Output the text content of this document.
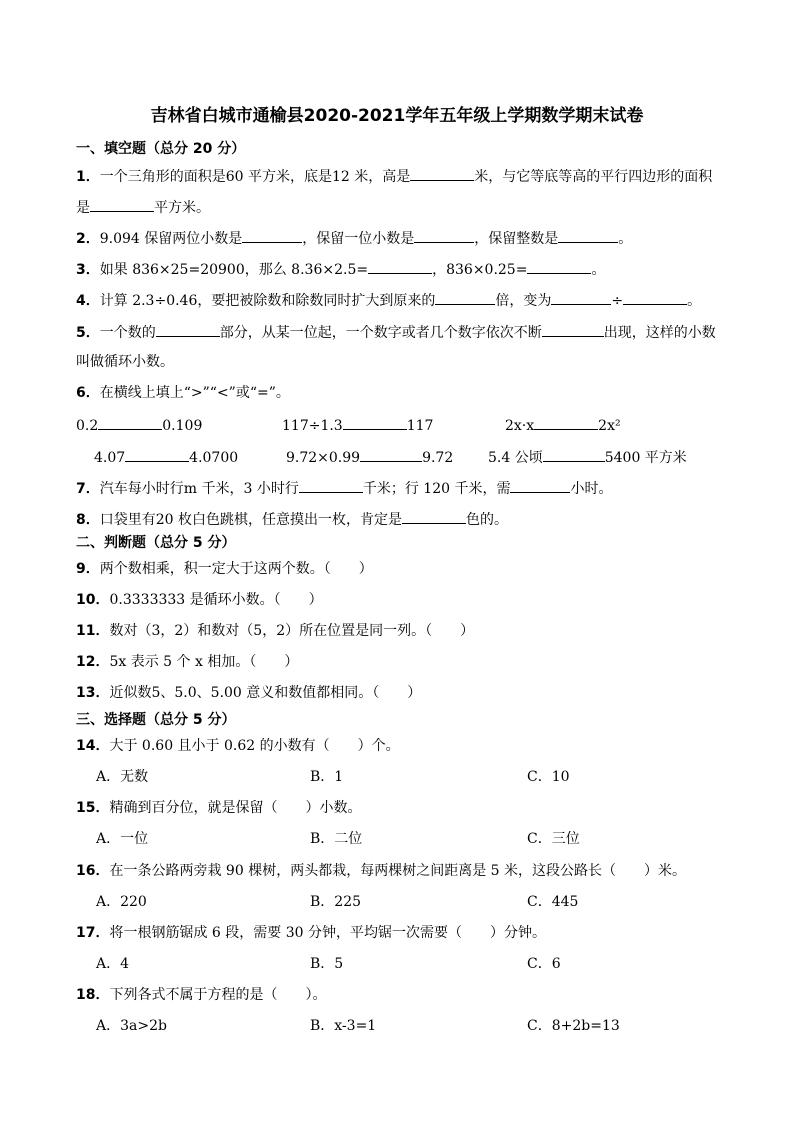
吉林省白城市通榆县2020-2021学年五年级上学期数学期末试卷
一、填空题（总分 20 分）
1．一个三角形的面积是60 平方米，底是12 米，高是	米，与它等底等高的平行四边形的面积
是	平方米。
2．9.094 保留两位小数是	，保留一位小数是	，保留整数是	。
3．如果 836×25=20900，那么 8.36×2.5=	，836×0.25=	。
4．计算 2.3÷0.46，要把被除数和除数同时扩大到原来的	倍，变为	÷	。
5．一个数的	部分，从某一位起，一个数字或者几个数字依次不断	出现，这样的小数
叫做循环小数。
6．在横线上填上“>”“<”或“=”。
0.2	0.109	117÷1.3	117	2x·x	2x²
4.07	4.0700	9.72×0.99	9.72 5.4 公顷	5400 平方米
7．汽车每小时行m 千米，3 小时行	千米；行 120 千米，需	小时。
8．口袋里有20 枚白色跳棋，任意摸出一枚，肯定是	色的。
二、判断题（总分 5 分）
9．两个数相乘，积一定大于这两个数。（　　）
10．0.3333333 是循环小数。（　　）
11．数对（3，2）和数对（5，2）所在位置是同一列。（　　）
12．5x 表示 5 个 x 相加。（　　）
13．近似数5、5.0、5.00 意义和数值都相同。（　　）
三、选择题（总分 5 分）
14．大于 0.60 且小于 0.62 的小数有（　　）个。
A．无数	B．1	C．10
15．精确到百分位，就是保留（　　）小数。
A．一位	B．二位	C．三位
16．在一条公路两旁栽 90 棵树，两头都栽，每两棵树之间距离是 5 米，这段公路长（　　）米。
A．220	B．225	C．445
17．将一根钢筋锯成 6 段，需要 30 分钟，平均锯一次需要（　　）分钟。
A．4	B．5	C．6
18．下列各式不属于方程的是（　　）。
A．3a>2b	B．x-3=1	C．8+2b=13
